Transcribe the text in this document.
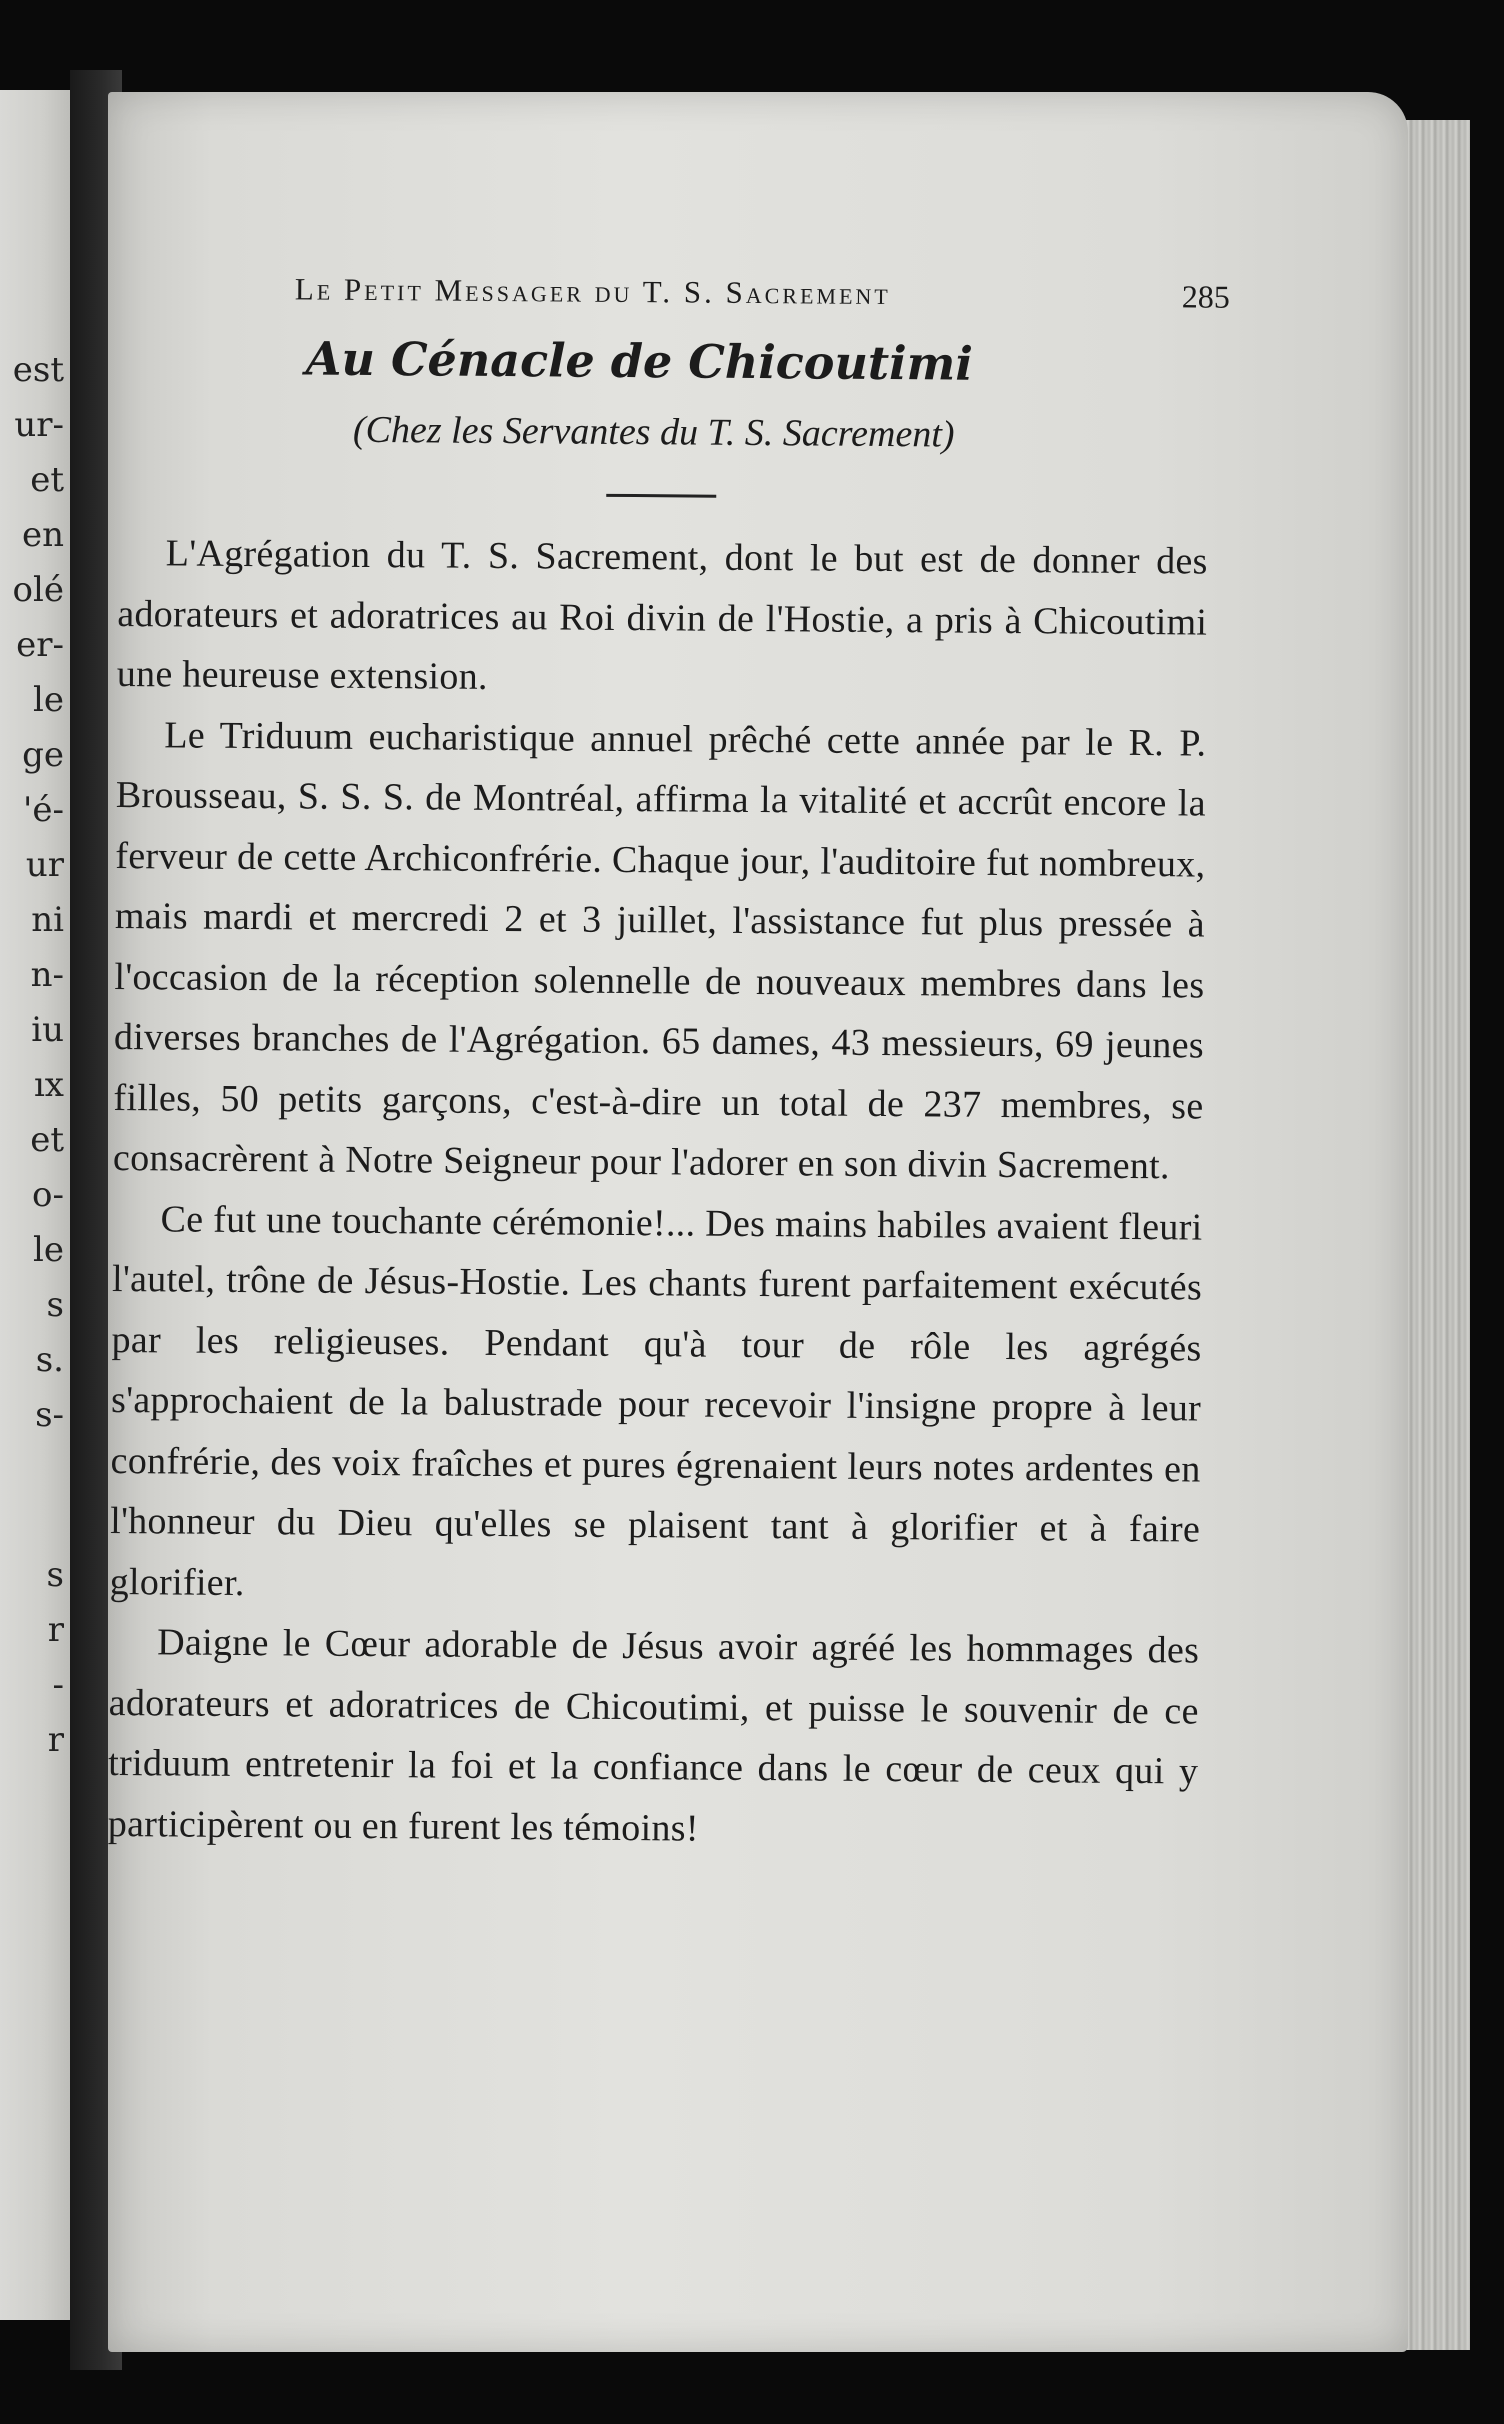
est
ur-
et
en
olé
er-
le
ge
'é-
ur
ni
n-
iu
ıx
et
o-
le
s
s.
s-
s
r
-
r
Le Petit Messager du T. S. Sacrement	285
Au Cénacle de Chicoutimi
(Chez les Servantes du T. S. Sacrement)

L'Agrégation du T. S. Sacrement, dont le but est de donner des adorateurs et adoratrices au Roi divin de l'Hostie, a pris à Chicoutimi une heureuse extension.

Le Triduum eucharistique annuel prêché cette année par le R. P. Brousseau, S. S. S. de Montréal, affirma la vitalité et accrût encore la ferveur de cette Archiconfrérie. Chaque jour, l'auditoire fut nombreux, mais mardi et mercredi 2 et 3 juillet, l'assistance fut plus pressée à l'occasion de la réception solennelle de nouveaux membres dans les diverses branches de l'Agrégation. 65 dames, 43 messieurs, 69 jeunes filles, 50 petits garçons, c'est-à-dire un total de 237 membres, se consacrèrent à Notre Seigneur pour l'adorer en son divin Sacrement.

Ce fut une touchante cérémonie!... Des mains habiles avaient fleuri l'autel, trône de Jésus-Hostie. Les chants furent parfaitement exécutés par les religieuses. Pendant qu'à tour de rôle les agrégés s'approchaient de la balustrade pour recevoir l'insigne propre à leur confrérie, des voix fraîches et pures égrenaient leurs notes ardentes en l'honneur du Dieu qu'elles se plaisent tant à glorifier et à faire glorifier.

Daigne le Cœur adorable de Jésus avoir agréé les hommages des adorateurs et adoratrices de Chicoutimi, et puisse le souvenir de ce triduum entretenir la foi et la confiance dans le cœur de ceux qui y participèrent ou en furent les témoins!
